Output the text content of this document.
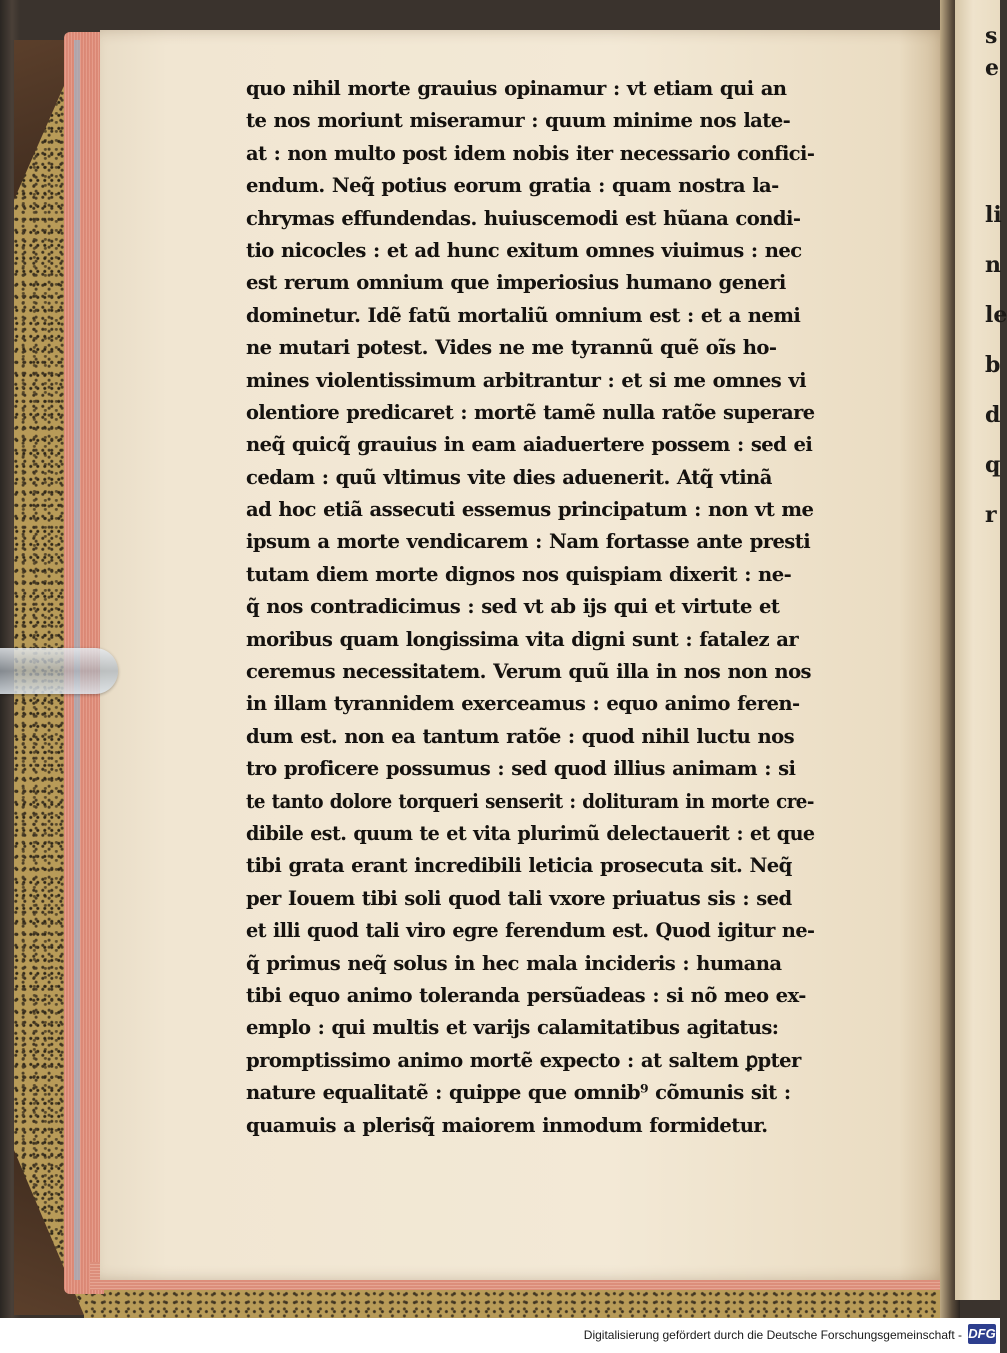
s
e
li
n
le
b
d
q
r
quo nihil morte grauius opinamur : vt etiam qui an
te nos moriunt miseramur : quum minime nos late-
at : non multo post idem nobis iter necessario confici-
endum. Neq̃ potius eorum gratia : quam nostra la-
chrymas effundendas. huiuscemodi est hũana condi-
tio nicocles : et ad hunc exitum omnes viuimus : nec
est rerum omnium que imperiosius humano generi
dominetur. Idẽ fatũ mortaliũ omnium est : et a nemi
ne mutari potest. Vides ne me tyrannũ quẽ oĩs ho-
mines violentissimum arbitrantur : et si me omnes vi
olentiore predicaret : mortẽ tamẽ nulla ratõe superare
neq̃ quicq̃ grauius in eam aiaduertere possem : sed ei
cedam : quũ vltimus vite dies aduenerit. Atq̃ vtinã
ad hoc etiã assecuti essemus principatum : non vt me
ipsum a morte vendicarem : Nam fortasse ante presti
tutam diem morte dignos nos quispiam dixerit : ne-
q̃ nos contradicimus : sed vt ab ijs qui et virtute et
moribus quam longissima vita digni sunt : fatalez ar
ceremus necessitatem. Verum quũ illa in nos non nos
in illam tyrannidem exerceamus : equo animo feren-
dum est. non ea tantum ratõe : quod nihil luctu nos
tro proficere possumus : sed quod illius animam : si
te tanto dolore torqueri senserit : dolituram in morte cre-
dibile est. quum te et vita plurimũ delectauerit : et que
tibi grata erant incredibili leticia prosecuta sit. Neq̃
per Iouem tibi soli quod tali vxore priuatus sis : sed
et illi quod tali viro egre ferendum est. Quod igitur ne-
q̃ primus neq̃ solus in hec mala incideris : humana
tibi equo animo toleranda persũadeas : si nõ meo ex-
emplo : qui multis et varijs calamitatibus agitatus:
promptissimo animo mortẽ expecto : at saltem ꝑpter
nature equalitatẽ : quippe que omnib⁹ cõmunis sit :
quamuis a plerisq̃ maiorem inmodum formidetur.
Digitalisierung gefördert durch die Deutsche Forschungsgemeinschaft - DFG
